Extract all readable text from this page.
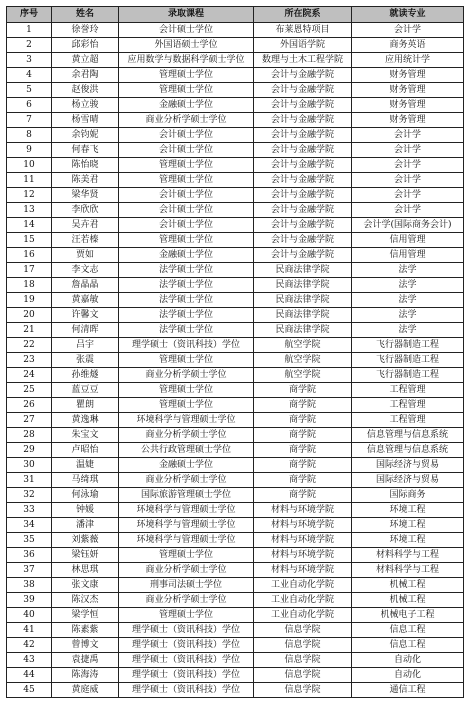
序号	姓名	录取课程	所在院系	就读专业
1	徐誉玲	会计硕士学位	布莱恩特项目	会计学
2	邱彩怡	外国语硕士学位	外国语学院	商务英语
3	黄立超	应用数学与数据科学硕士学位	数理与土木工程学院	应用统计学
4	余君陶	管理硕士学位	会计与金融学院	财务管理
5	赵俊洪	管理硕士学位	会计与金融学院	财务管理
6	杨立骏	金融硕士学位	会计与金融学院	财务管理
7	杨雪晴	商业分析学硕士学位	会计与金融学院	财务管理
8	余钧妮	会计硕士学位	会计与金融学院	会计学
9	何春飞	会计硕士学位	会计与金融学院	会计学
10	陈怡晓	管理硕士学位	会计与金融学院	会计学
11	陈美君	管理硕士学位	会计与金融学院	会计学
12	梁华贤	会计硕士学位	会计与金融学院	会计学
13	李欣欣	会计硕士学位	会计与金融学院	会计学
14	吴卉君	会计硕士学位	会计与金融学院	会计学(国际商务会计)
15	汪若榛	管理硕士学位	会计与金融学院	信用管理
16	贾如	金融硕士学位	会计与金融学院	信用管理
17	李文志	法学硕士学位	民商法律学院	法学
18	詹晶晶	法学硕士学位	民商法律学院	法学
19	黄嘉敏	法学硕士学位	民商法律学院	法学
20	许馨文	法学硕士学位	民商法律学院	法学
21	何清晖	法学硕士学位	民商法律学院	法学
22	吕宇	理学硕士（资讯科技）学位	航空学院	飞行器制造工程
23	张震	管理硕士学位	航空学院	飞行器制造工程
24	孙维燧	商业分析学硕士学位	航空学院	飞行器制造工程
25	蓝豆豆	管理硕士学位	商学院	工程管理
26	瞿朗	管理硕士学位	商学院	工程管理
27	黄逸琳	环境科学与管理硕士学位	商学院	工程管理
28	朱宝文	商业分析学硕士学位	商学院	信息管理与信息系统
29	卢昭怡	公共行政管理硕士学位	商学院	信息管理与信息系统
30	温婕	金融硕士学位	商学院	国际经济与贸易
31	马绮琪	商业分析学硕士学位	商学院	国际经济与贸易
32	何泳瑜	国际旅游管理硕士学位	商学院	国际商务
33	钟媛	环境科学与管理硕士学位	材料与环境学院	环境工程
34	潘津	环境科学与管理硕士学位	材料与环境学院	环境工程
35	刘紫薇	环境科学与管理硕士学位	材料与环境学院	环境工程
36	梁钰妍	管理硕士学位	材料与环境学院	材料科学与工程
37	林思琪	商业分析学硕士学位	材料与环境学院	材料科学与工程
38	张文康	刑事司法硕士学位	工业自动化学院	机械工程
39	陈汉杰	商业分析学硕士学位	工业自动化学院	机械工程
40	梁学恒	管理硕士学位	工业自动化学院	机械电子工程
41	陈素紫	理学硕士（资讯科技）学位	信息学院	信息工程
42	曾博文	理学硕士（资讯科技）学位	信息学院	信息工程
43	袁捷禹	理学硕士（资讯科技）学位	信息学院	自动化
44	陈海涛	理学硕士（资讯科技）学位	信息学院	自动化
45	黄庭威	理学硕士（资讯科技）学位	信息学院	通信工程
